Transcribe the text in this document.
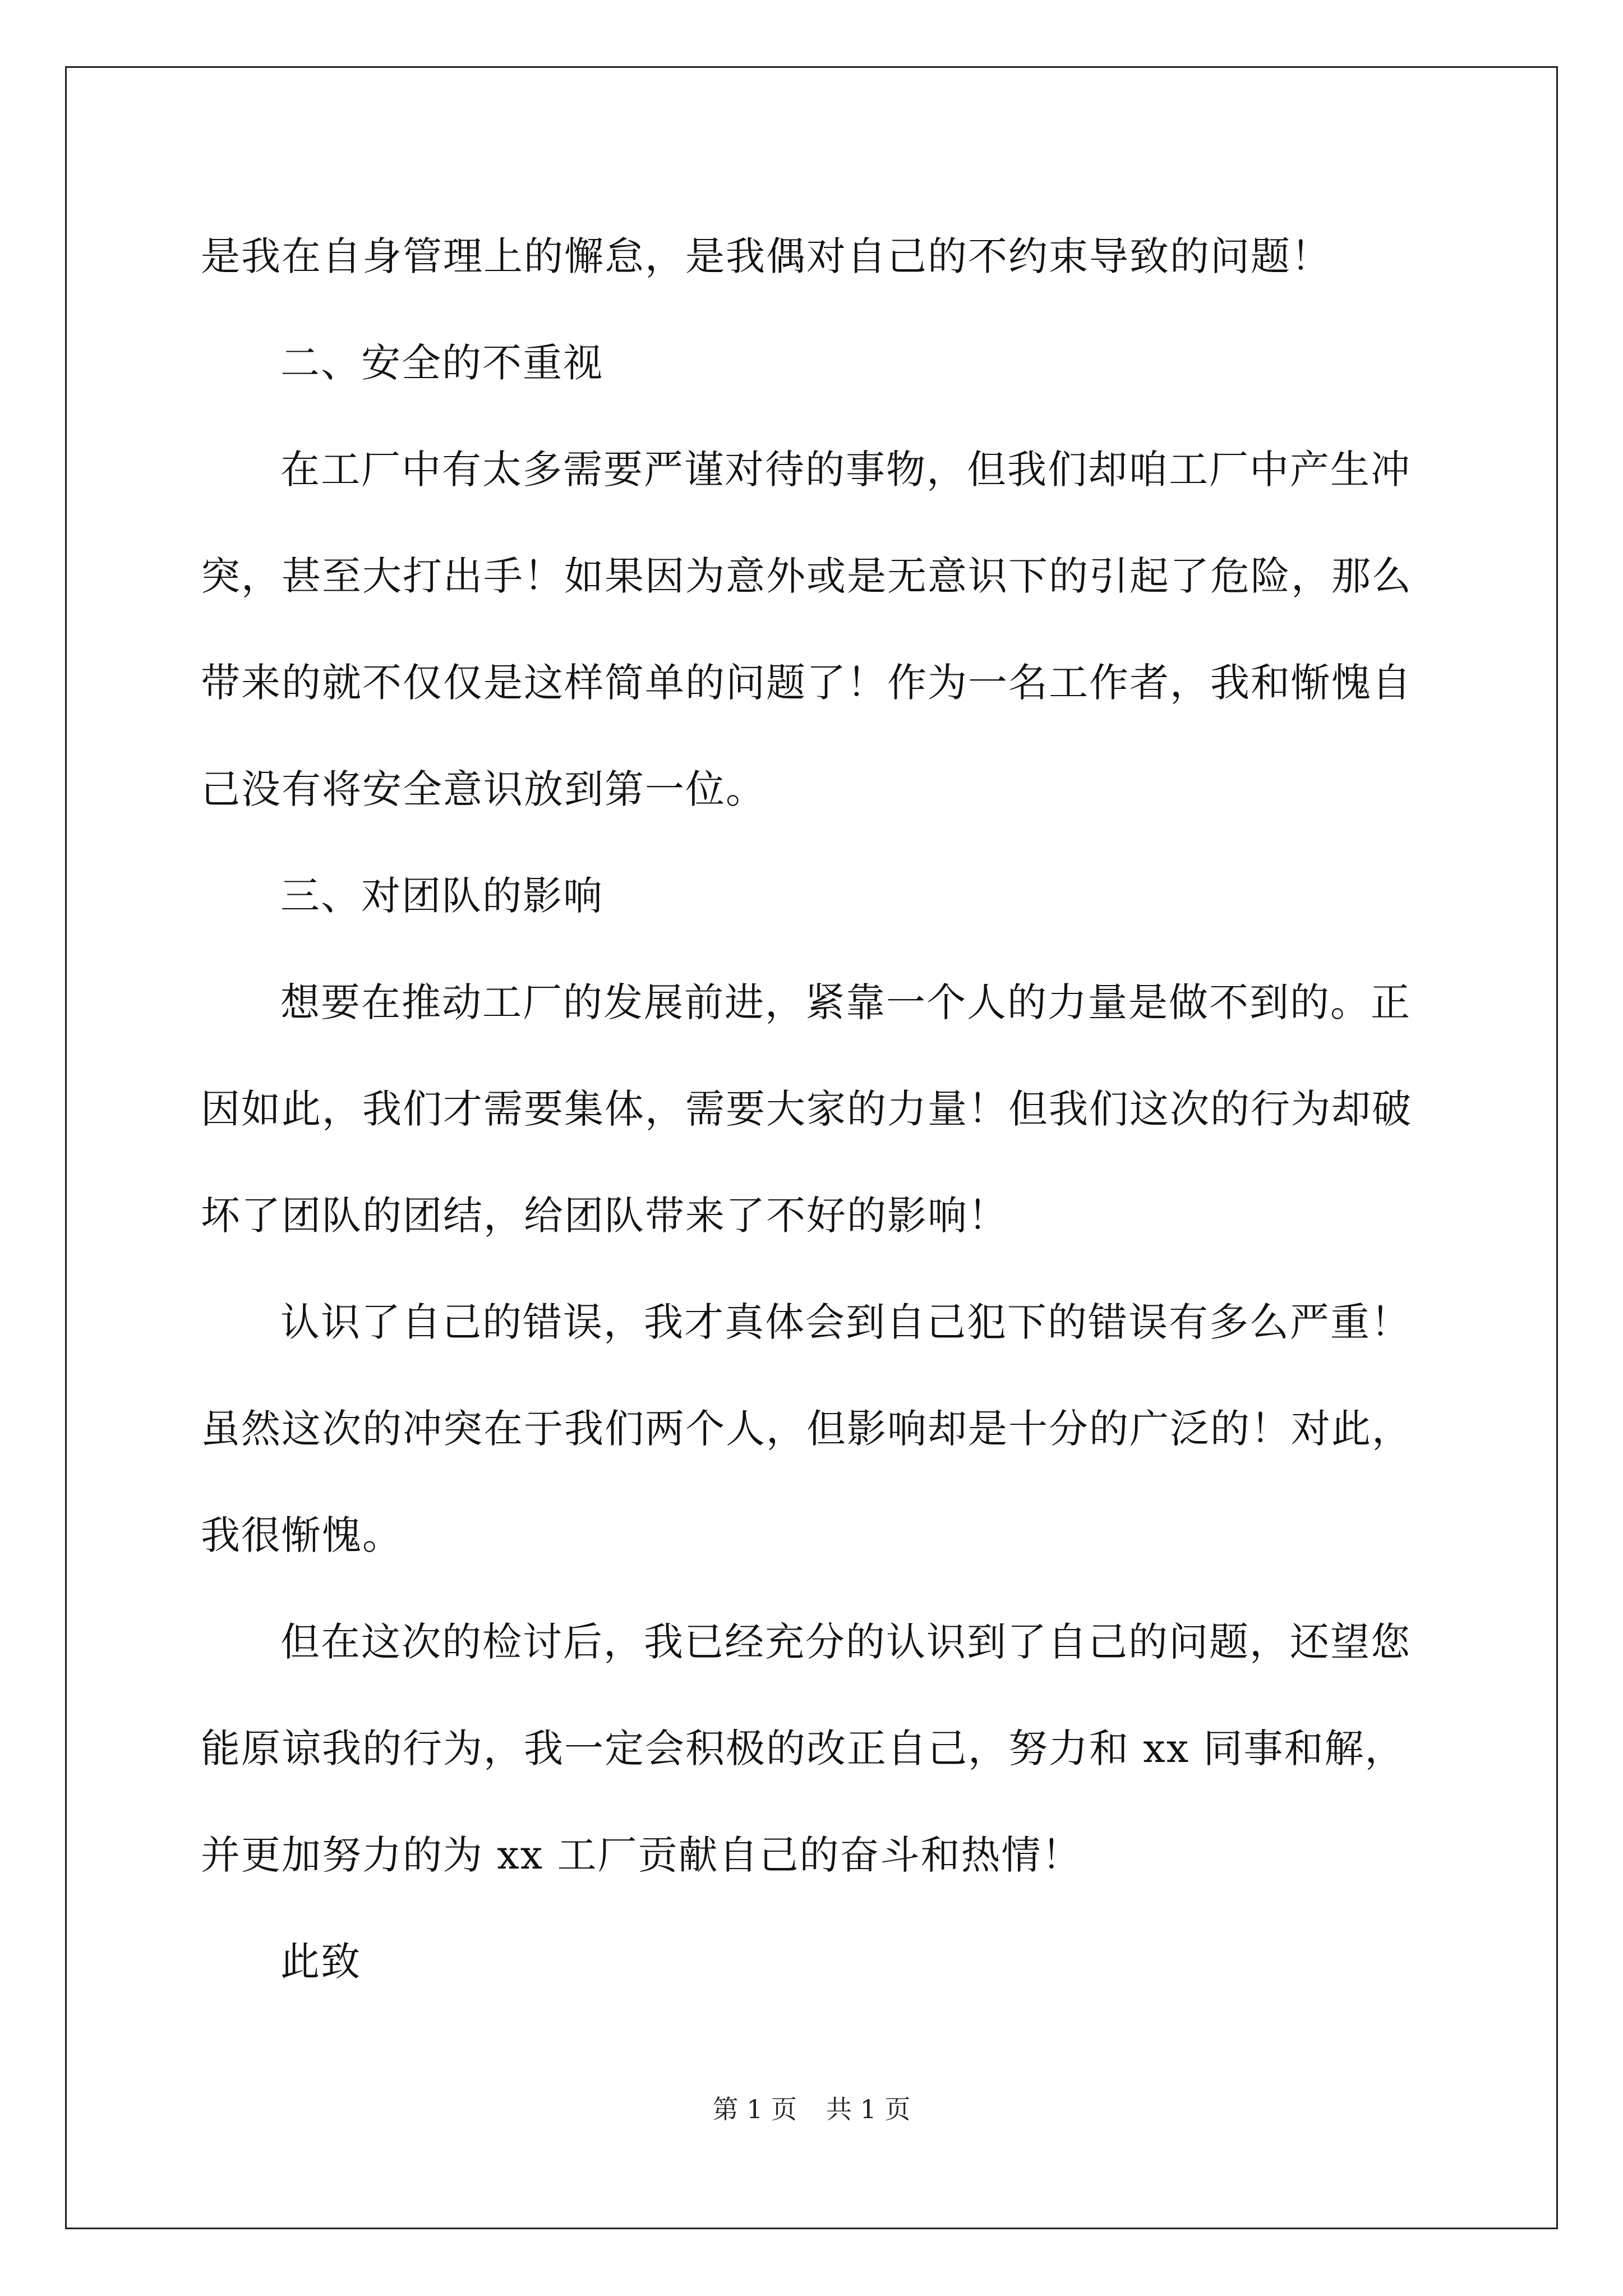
是我在自身管理上的懈怠，是我偶对自己的不约束导致的问题！

二、安全的不重视

在工厂中有太多需要严谨对待的事物，但我们却咱工厂中产生冲突，甚至大打出手！如果因为意外或是无意识下的引起了危险，那么带来的就不仅仅是这样简单的问题了！作为一名工作者，我和惭愧自己没有将安全意识放到第一位。

三、对团队的影响

想要在推动工厂的发展前进，紧靠一个人的力量是做不到的。正因如此，我们才需要集体，需要大家的力量！但我们这次的行为却破坏了团队的团结，给团队带来了不好的影响！

认识了自己的错误，我才真体会到自己犯下的错误有多么严重！虽然这次的冲突在于我们两个人，但影响却是十分的广泛的！对此，我很惭愧。

但在这次的检讨后，我已经充分的认识到了自己的问题，还望您能原谅我的行为，我一定会积极的改正自己，努力和 xx 同事和解，并更加努力的为 xx 工厂贡献自己的奋斗和热情！

此致

第 1 页 共 1 页
